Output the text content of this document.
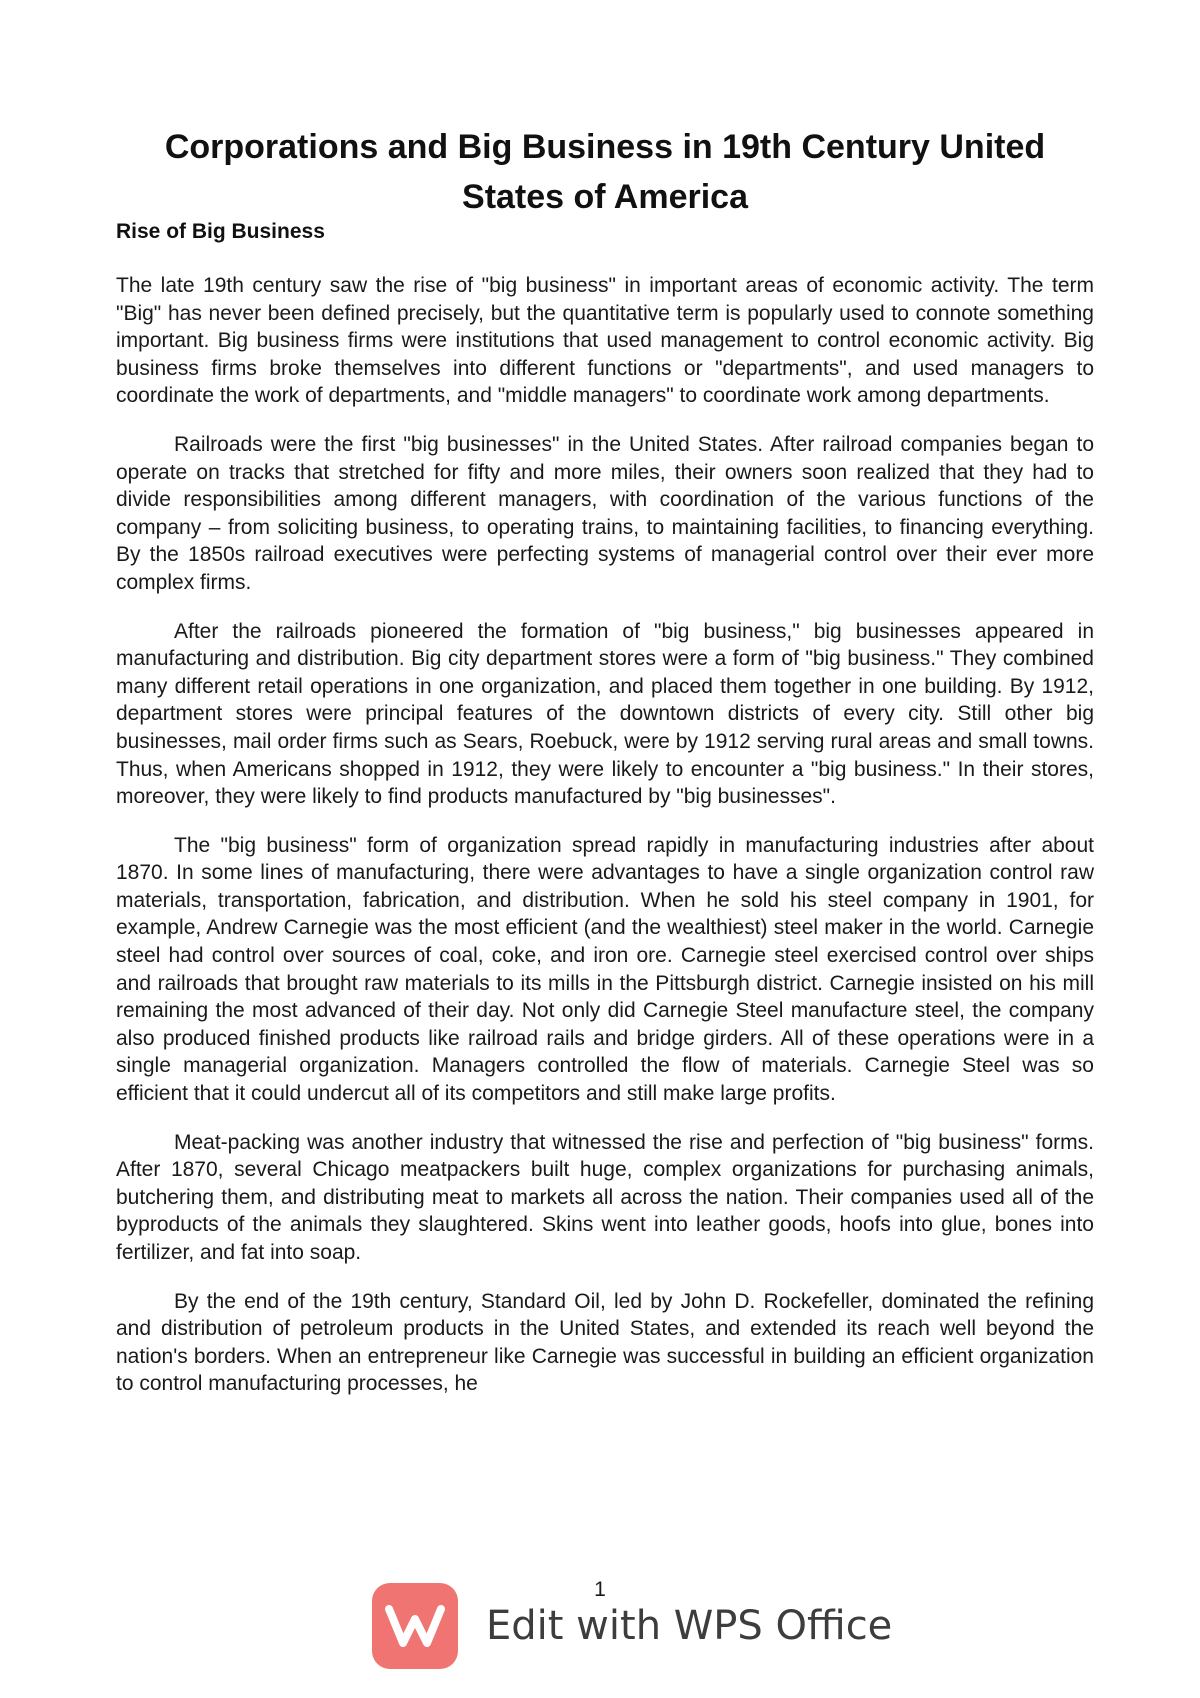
Corporations and Big Business in 19th Century United States of America
Rise of Big Business

The late 19th century saw the rise of "big business" in important areas of economic activity. The term "Big" has never been defined precisely, but the quantitative term is popularly used to connote something important. Big business firms were institutions that used management to control economic activity. Big business firms broke themselves into different functions or "departments", and used managers to coordinate the work of departments, and "middle managers" to coordinate work among departments.

Railroads were the first "big businesses" in the United States. After railroad companies began to operate on tracks that stretched for fifty and more miles, their owners soon realized that they had to divide responsibilities among different managers, with coordination of the various functions of the company – from soliciting business, to operating trains, to maintaining facilities, to financing everything. By the 1850s railroad executives were perfecting systems of managerial control over their ever more complex firms.

After the railroads pioneered the formation of "big business," big businesses appeared in manufacturing and distribution. Big city department stores were a form of "big business." They combined many different retail operations in one organization, and placed them together in one building. By 1912, department stores were principal features of the downtown districts of every city. Still other big businesses, mail order firms such as Sears, Roebuck, were by 1912 serving rural areas and small towns. Thus, when Americans shopped in 1912, they were likely to encounter a "big business." In their stores, moreover, they were likely to find products manufactured by "big businesses".

The "big business" form of organization spread rapidly in manufacturing industries after about 1870. In some lines of manufacturing, there were advantages to have a single organization control raw materials, transportation, fabrication, and distribution. When he sold his steel company in 1901, for example, Andrew Carnegie was the most efficient (and the wealthiest) steel maker in the world. Carnegie steel had control over sources of coal, coke, and iron ore. Carnegie steel exercised control over ships and railroads that brought raw materials to its mills in the Pittsburgh district. Carnegie insisted on his mill remaining the most advanced of their day. Not only did Carnegie Steel manufacture steel, the company also produced finished products like railroad rails and bridge girders. All of these operations were in a single managerial organization. Managers controlled the flow of materials. Carnegie Steel was so efficient that it could undercut all of its competitors and still make large profits.

Meat-packing was another industry that witnessed the rise and perfection of "big business" forms. After 1870, several Chicago meatpackers built huge, complex organizations for purchasing animals, butchering them, and distributing meat to markets all across the nation. Their companies used all of the byproducts of the animals they slaughtered. Skins went into leather goods, hoofs into glue, bones into fertilizer, and fat into soap.

By the end of the 19th century, Standard Oil, led by John D. Rockefeller, dominated the refining and distribution of petroleum products in the United States, and extended its reach well beyond the nation's borders. When an entrepreneur like Carnegie was successful in building an efficient organization to control manufacturing processes, he

1
Edit with WPS Office
